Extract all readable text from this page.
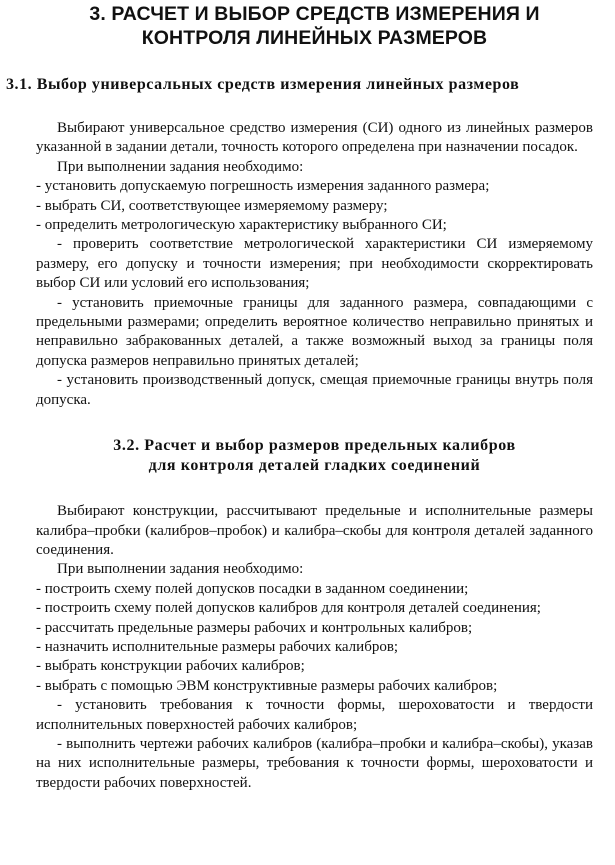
3. РАСЧЕТ И ВЫБОР СРЕДСТВ ИЗМЕРЕНИЯ И
КОНТРОЛЯ ЛИНЕЙНЫХ РАЗМЕРОВ
3.1. Выбор универсальных средств измерения линейных размеров

Выбирают универсальное средство измерения (СИ) одного из линейных размеров указанной в задании детали, точность которого определена при назначении посадок.

При выполнении задания необходимо:

- установить допускаемую погрешность измерения заданного размера;

- выбрать СИ, соответствующее измеряемому размеру;

- определить метрологическую характеристику выбранного СИ;

- проверить соответствие метрологической характеристики СИ измеряемому размеру, его допуску и точности измерения; при необходимости скорректировать выбор СИ или условий его использования;

- установить приемочные границы для заданного размера, совпадающими с предельными размерами; определить вероятное количество неправильно принятых и неправильно забракованных деталей, а также возможный выход за границы поля допуска размеров неправильно принятых деталей;

- установить производственный допуск, смещая приемочные границы внутрь поля допуска.

3.2. Расчет и выбор размеров предельных калибров
для контроля деталей гладких соединений

Выбирают конструкции, рассчитывают предельные и исполнительные размеры калибра–пробки (калибров–пробок) и калибра–скобы для контроля деталей заданного соединения.

При выполнении задания необходимо:

- построить схему полей допусков посадки в заданном соединении;

- построить схему полей допусков калибров для контроля деталей соединения;

- рассчитать предельные размеры рабочих и контрольных калибров;

- назначить исполнительные размеры рабочих калибров;

- выбрать конструкции рабочих калибров;

- выбрать с помощью ЭВМ конструктивные размеры рабочих калибров;

- установить требования к точности формы, шероховатости и твердости исполнительных поверхностей рабочих калибров;

- выполнить чертежи рабочих калибров (калибра–пробки и калибра–скобы), указав на них исполнительные размеры, требования к точности формы, шероховатости и твердости рабочих поверхностей.
